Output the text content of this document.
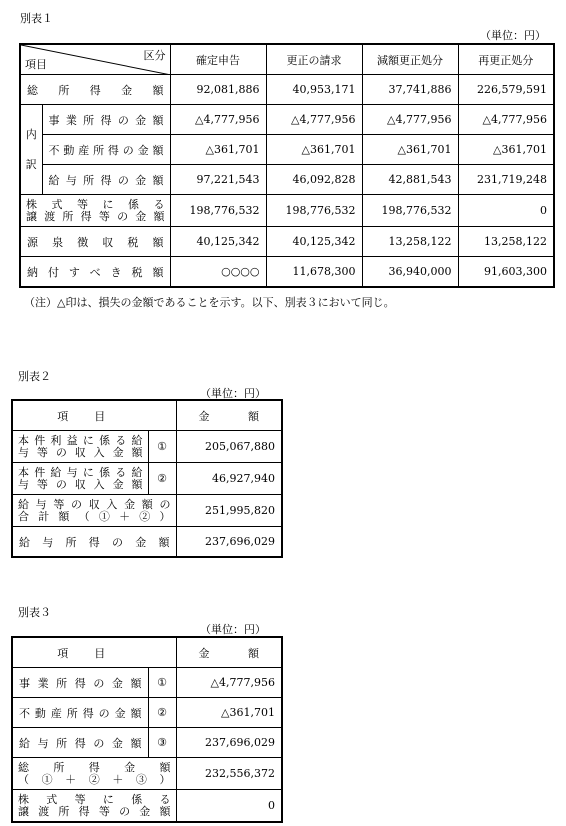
別表１
（単位：円）
区分
項目		確定申告	更正の請求	減額更正処分	再更正処分
総所得金額		92,081,886	40,953,171	37,741,886	226,579,591

内
訳	事業所得の金額	△4,777,956	△4,777,956	△4,777,956	△4,777,956
	不動産所得の金額	△361,701	△361,701	△361,701	△361,701
	給与所得の金額	97,221,543	46,092,828	42,881,543	231,719,248

株式等に係る
譲渡所得等の金額		198,776,532	198,776,532	198,776,532	0
源泉徴収税額		40,125,342	40,125,342	13,258,122	13,258,122
納付すべき税額		○○○○	11,678,300	36,940,000	91,603,300
（注）△印は、損失の金額であることを示す。以下、別表３において同じ。
別表２
（単位：円）
項目		金額

本件利益に係る給
与等の収入金額	①	205,067,880

本件給与に係る給
与等の収入金額	②	46,927,940

給与等の収入金額の
合計額（①＋②）		251,995,820
給与所得の金額		237,696,029
別表３
（単位：円）
項目		金額
事業所得の金額	①	△4,777,956
不動産所得の金額	②	△361,701
給与所得の金額	③	237,696,029

総所得金額
（①＋②＋③）		232,556,372

株式等に係る
譲渡所得等の金額		0
